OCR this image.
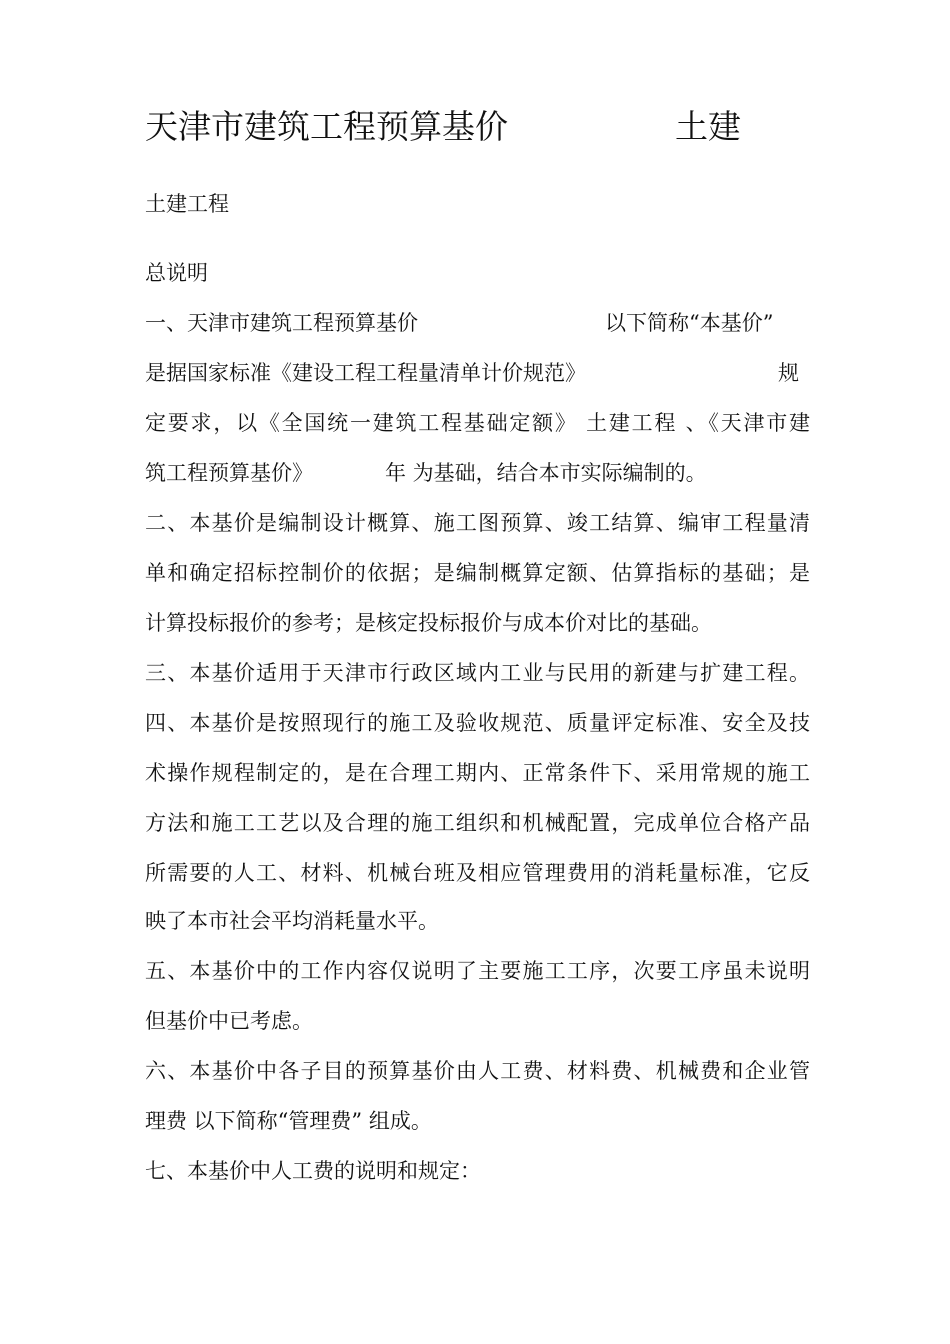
天津市建筑工程预算基价	土建
土建工程
总说明
一、天津市建筑工程预算基价	以下简称“本基价”
是据国家标准《建设工程工程量清单计价规范》	规
定要求，以《全国统一建筑工程基础定额》 土建工程 、《天津市建
筑工程预算基价》	年 为基础，结合本市实际编制的。
二、本基价是编制设计概算、施工图预算、竣工结算、编审工程量清
单和确定招标控制价的依据；是编制概算定额、估算指标的基础；是
计算投标报价的参考；是核定投标报价与成本价对比的基础。
三、本基价适用于天津市行政区域内工业与民用的新建与扩建工程。
四、本基价是按照现行的施工及验收规范、质量评定标准、安全及技
术操作规程制定的，是在合理工期内、正常条件下、采用常规的施工
方法和施工工艺以及合理的施工组织和机械配置，完成单位合格产品
所需要的人工、材料、机械台班及相应管理费用的消耗量标准，它反
映了本市社会平均消耗量水平。
五、本基价中的工作内容仅说明了主要施工工序，次要工序虽未说明
但基价中已考虑。
六、本基价中各子目的预算基价由人工费、材料费、机械费和企业管
理费 以下简称“管理费” 组成。
七、本基价中人工费的说明和规定：
